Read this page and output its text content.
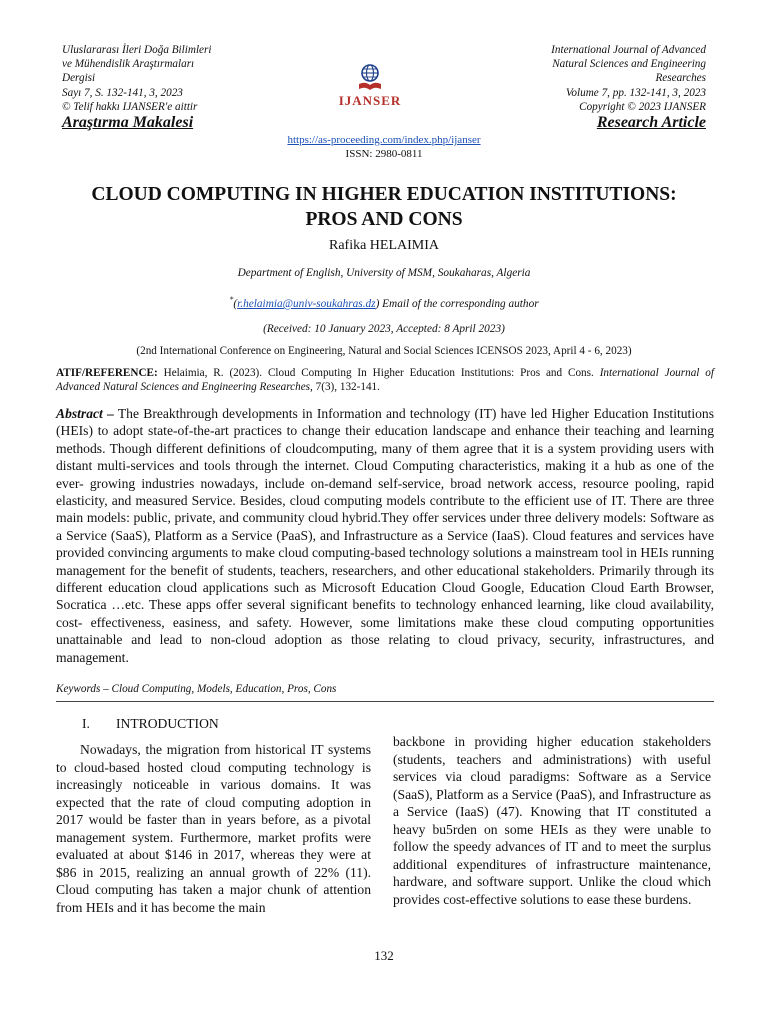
Uluslararası İleri Doğa Bilimleri
ve Mühendislik Araştırmaları
Dergisi
Sayı 7, S. 132-141, 3, 2023
© Telif hakkı IJANSER'e aittir
International Journal of Advanced
Natural Sciences and Engineering
Researches
Volume 7, pp. 132-141, 3, 2023
Copyright © 2023 IJANSER
IJANSER
Araştırma Makalesi	Research Article
https://as-proceeding.com/index.php/ijanser
ISSN: 2980-0811
CLOUD COMPUTING IN HIGHER EDUCATION INSTITUTIONS:
PROS AND CONS
Rafika HELAIMIA
Department of English, University of MSM, Soukaharas, Algeria
*(r.helaimia@univ-soukahras.dz) Email of the corresponding author
(Received: 10 January 2023, Accepted: 8 April 2023)
(2nd International Conference on Engineering, Natural and Social Sciences ICENSOS 2023, April 4 - 6, 2023)
ATIF/REFERENCE: Helaimia, R. (2023). Cloud Computing In Higher Education Institutions: Pros and Cons. International Journal of Advanced Natural Sciences and Engineering Researches, 7(3), 132-141.
Abstract – The Breakthrough developments in Information and technology (IT) have led Higher Education Institutions (HEIs) to adopt state-of-the-art practices to change their education landscape and enhance their teaching and learning methods. Though different definitions of cloudcomputing, many of them agree that it is a system providing users with distant multi-services and tools through the internet. Cloud Computing characteristics, making it a hub as one of the ever- growing industries nowadays, include on-demand self-service, broad network access, resource pooling, rapid elasticity, and measured Service. Besides, cloud computing models contribute to the efficient use of IT. There are three main models: public, private, and community cloud hybrid.They offer services under three delivery models: Software as a Service (SaaS), Platform as a Service (PaaS), and Infrastructure as a Service (IaaS). Cloud features and services have provided convincing arguments to make cloud computing-based technology solutions a mainstream tool in HEIs running management for the benefit of students, teachers, researchers, and other educational stakeholders. Primarily through its different education cloud applications such as Microsoft Education Cloud Google, Education Cloud Earth Browser, Socratica …etc. These apps offer several significant benefits to technology enhanced learning, like cloud availability, cost- effectiveness, easiness, and safety. However, some limitations make these cloud computing opportunities unattainable and lead to non-cloud adoption as those relating to cloud privacy, security, infrastructures, and management.
Keywords – Cloud Computing, Models, Education, Pros, Cons
I. INTRODUCTION
Nowadays, the migration from historical IT systems to cloud-based hosted cloud computing technology is increasingly noticeable in various domains. It was expected that the rate of cloud computing adoption in 2017 would be faster than in years before, as a pivotal management system. Furthermore, market profits were evaluated at about $146 in 2017, whereas they were at $86 in 2015, realizing an annual growth of 22% (11). Cloud computing has taken a major chunk of attention from HEIs and it has become the main
backbone in providing higher education stakeholders (students, teachers and administrations) with useful services via cloud paradigms: Software as a Service (SaaS), Platform as a Service (PaaS), and Infrastructure as a Service (IaaS) (47). Knowing that IT constituted a heavy bu5rden on some HEIs as they were unable to follow the speedy advances of IT and to meet the surplus additional expenditures of infrastructure maintenance, hardware, and software support. Unlike the cloud which provides cost-effective solutions to ease these burdens.
132
